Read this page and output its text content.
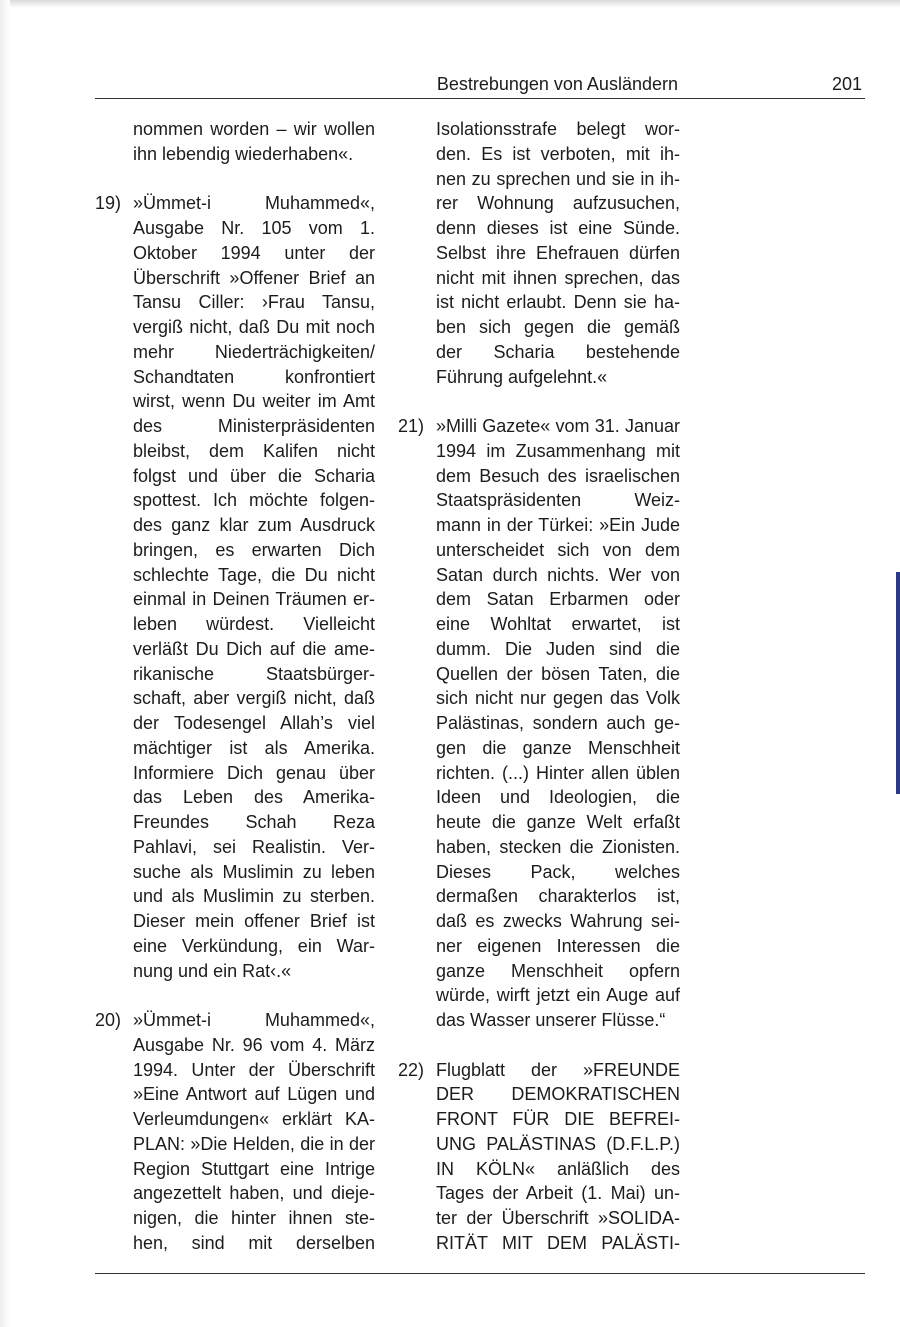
Bestrebungen von Ausländern	201
nommen worden – wir wollen
ihn lebendig wiederhaben«.
19) »Ümmet-i Muhammed«,
Ausgabe Nr. 105 vom 1.
Oktober 1994 unter der
Überschrift »Offener Brief an
Tansu Ciller: ›Frau Tansu,
vergiß nicht, daß Du mit noch
mehr Niederträchigkeiten/
Schandtaten konfrontiert
wirst, wenn Du weiter im Amt
des Ministerpräsidenten
bleibst, dem Kalifen nicht
folgst und über die Scharia
spottest. Ich möchte folgen-
des ganz klar zum Ausdruck
bringen, es erwarten Dich
schlechte Tage, die Du nicht
einmal in Deinen Träumen er-
leben würdest. Vielleicht
verläßt Du Dich auf die ame-
rikanische Staatsbürger-
schaft, aber vergiß nicht, daß
der Todesengel Allah’s viel
mächtiger ist als Amerika.
Informiere Dich genau über
das Leben des Amerika-
Freundes Schah Reza
Pahlavi, sei Realistin. Ver-
suche als Muslimin zu leben
und als Muslimin zu sterben.
Dieser mein offener Brief ist
eine Verkündung, ein War-
nung und ein Rat‹.«
20) »Ümmet-i Muhammed«,
Ausgabe Nr. 96 vom 4. März
1994. Unter der Überschrift
»Eine Antwort auf Lügen und
Verleumdungen« erklärt KA-
PLAN: »Die Helden, die in der
Region Stuttgart eine Intrige
angezettelt haben, und dieje-
nigen, die hinter ihnen ste-
hen, sind mit derselben
Isolationsstrafe belegt wor-
den. Es ist verboten, mit ih-
nen zu sprechen und sie in ih-
rer Wohnung aufzusuchen,
denn dieses ist eine Sünde.
Selbst ihre Ehefrauen dürfen
nicht mit ihnen sprechen, das
ist nicht erlaubt. Denn sie ha-
ben sich gegen die gemäß
der Scharia bestehende
Führung aufgelehnt.«
21) »Milli Gazete« vom 31. Januar
1994 im Zusammenhang mit
dem Besuch des israelischen
Staatspräsidenten Weiz-
mann in der Türkei: »Ein Jude
unterscheidet sich von dem
Satan durch nichts. Wer von
dem Satan Erbarmen oder
eine Wohltat erwartet, ist
dumm. Die Juden sind die
Quellen der bösen Taten, die
sich nicht nur gegen das Volk
Palästinas, sondern auch ge-
gen die ganze Menschheit
richten. (...) Hinter allen üblen
Ideen und Ideologien, die
heute die ganze Welt erfaßt
haben, stecken die Zionisten.
Dieses Pack, welches
dermaßen charakterlos ist,
daß es zwecks Wahrung sei-
ner eigenen Interessen die
ganze Menschheit opfern
würde, wirft jetzt ein Auge auf
das Wasser unserer Flüsse.“
22) Flugblatt der »FREUNDE
DER DEMOKRATISCHEN
FRONT FÜR DIE BEFREI-
UNG PALÄSTINAS (D.F.L.P.)
IN KÖLN« anläßlich des
Tages der Arbeit (1. Mai) un-
ter der Überschrift »SOLIDA-
RITÄT MIT DEM PALÄSTI-
